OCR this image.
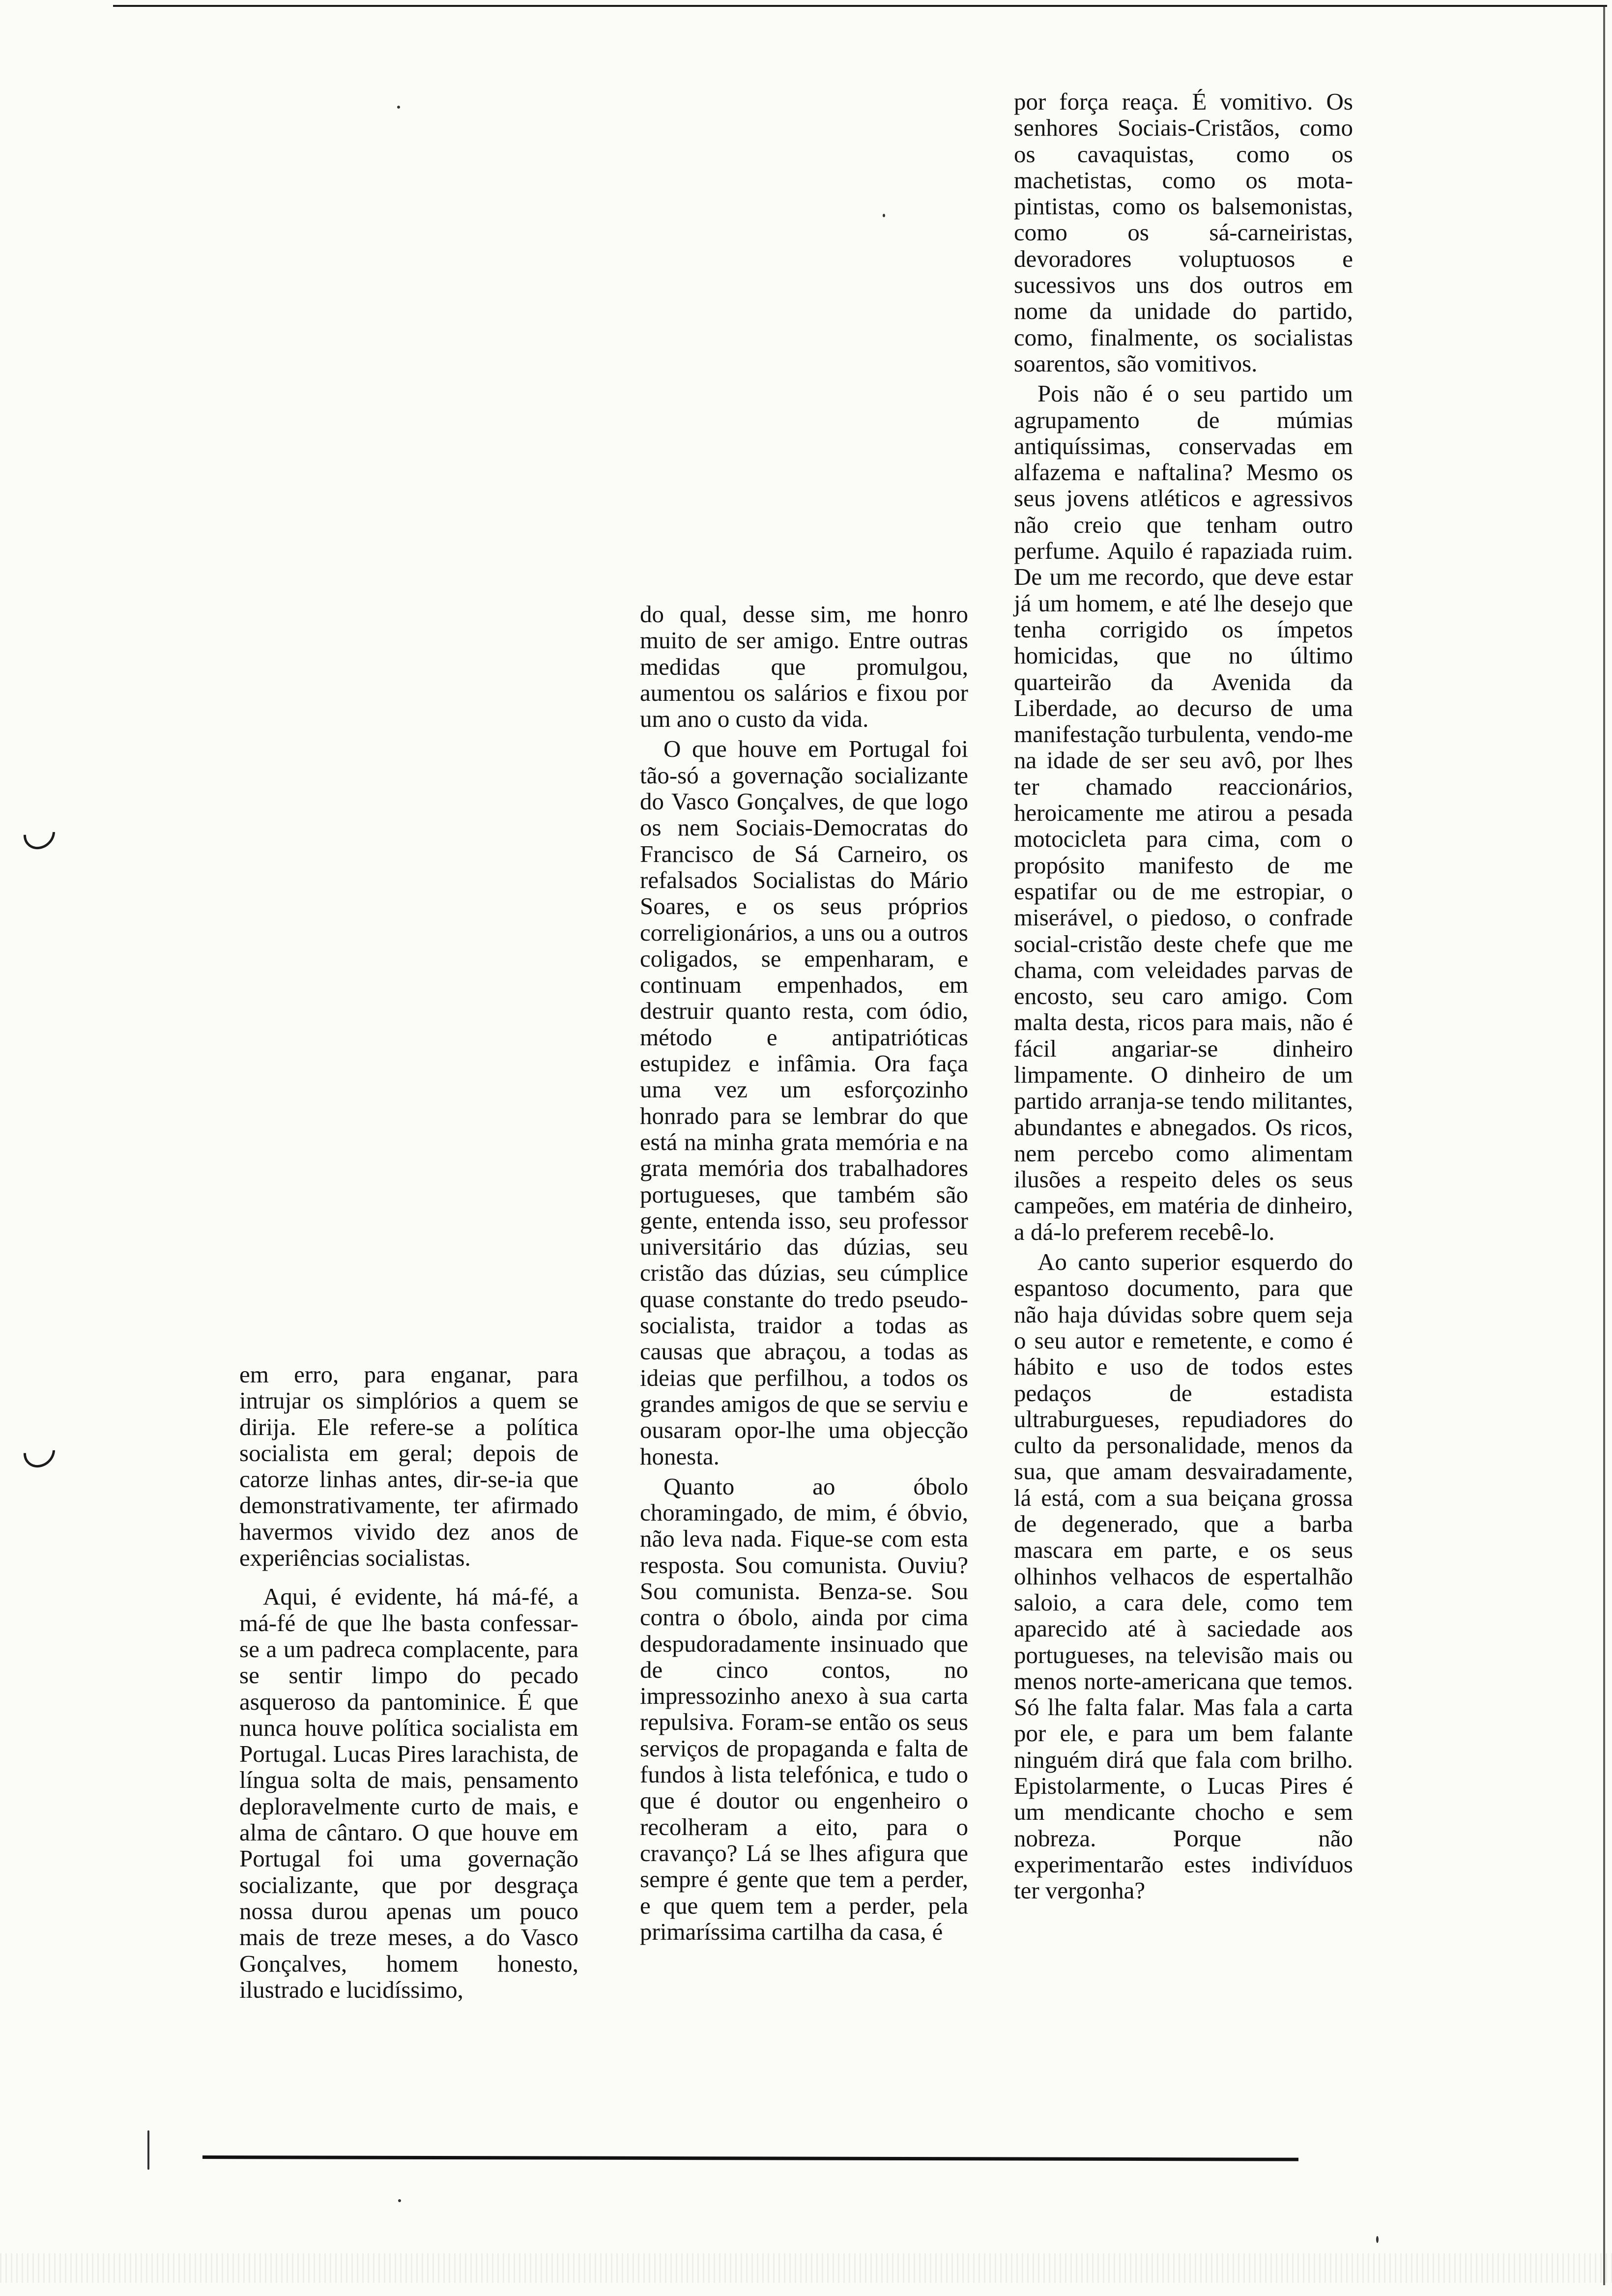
em erro, para enganar, para intrujar os simplórios a quem se dirija. Ele refere-se a política socialista em geral; depois de catorze linhas antes, dir-se-ia que demonstrativamente, ter afirmado havermos vivido dez anos de experiências socialistas.

Aqui, é evidente, há má-fé, a má-fé de que lhe basta confessar-se a um padreca complacente, para se sentir limpo do pecado asqueroso da pantominice. É que nunca houve política socialista em Portugal. Lucas Pires larachista, de língua solta de mais, pensamento deploravelmente curto de mais, e alma de cântaro. O que houve em Portugal foi uma governação socializante, que por desgraça nossa durou apenas um pouco mais de treze meses, a do Vasco Gonçalves, homem honesto, ilustrado e lucidíssimo,

do qual, desse sim, me honro muito de ser amigo. Entre outras medidas que promulgou, aumentou os salários e fixou por um ano o custo da vida.

O que houve em Portugal foi tão-só a governação socializante do Vasco Gonçalves, de que logo os nem Sociais-Democratas do Francisco de Sá Carneiro, os refalsados Socialistas do Mário Soares, e os seus próprios correligionários, a uns ou a outros coligados, se empenharam, e continuam empenhados, em destruir quanto resta, com ódio, método e antipatrióticas estupidez e infâmia. Ora faça uma vez um esforçozinho honrado para se lembrar do que está na minha grata memória e na grata memória dos trabalhadores portugueses, que também são gente, entenda isso, seu professor universitário das dúzias, seu cristão das dúzias, seu cúmplice quase constante do tredo pseudo-socialista, traidor a todas as causas que abraçou, a todas as ideias que perfilhou, a todos os grandes amigos de que se serviu e ousaram opor-lhe uma objecção honesta.

Quanto ao óbolo choramingado, de mim, é óbvio, não leva nada. Fique-se com esta resposta. Sou comunista. Ouviu? Sou comunista. Benza-se. Sou contra o óbolo, ainda por cima despudoradamente insinuado que de cinco contos, no impressozinho anexo à sua carta repulsiva. Foram-se então os seus serviços de propaganda e falta de fundos à lista telefónica, e tudo o que é doutor ou engenheiro o recolheram a eito, para o cravanço? Lá se lhes afigura que sempre é gente que tem a perder, e que quem tem a perder, pela primaríssima cartilha da casa, é

por força reaça. É vomitivo. Os senhores Sociais-Cristãos, como os cavaquistas, como os machetistas, como os mota-pintistas, como os balsemonistas, como os sá-carneiristas, devoradores voluptuosos e sucessivos uns dos outros em nome da unidade do partido, como, finalmente, os socialistas soarentos, são vomitivos.

Pois não é o seu partido um agrupamento de múmias antiquíssimas, conservadas em alfazema e naftalina? Mesmo os seus jovens atléticos e agressivos não creio que tenham outro perfume. Aquilo é rapaziada ruim. De um me recordo, que deve estar já um homem, e até lhe desejo que tenha corrigido os ímpetos homicidas, que no último quarteirão da Avenida da Liberdade, ao decurso de uma manifestação turbulenta, vendo-me na idade de ser seu avô, por lhes ter chamado reaccionários, heroicamente me atirou a pesada motocicleta para cima, com o propósito manifesto de me espatifar ou de me estropiar, o miserável, o piedoso, o confrade social-cristão deste chefe que me chama, com veleidades parvas de encosto, seu caro amigo. Com malta desta, ricos para mais, não é fácil angariar-se dinheiro limpamente. O dinheiro de um partido arranja-se tendo militantes, abundantes e abnegados. Os ricos, nem percebo como alimentam ilusões a respeito deles os seus campeões, em matéria de dinheiro, a dá-lo preferem recebê-lo.

Ao canto superior esquerdo do espantoso documento, para que não haja dúvidas sobre quem seja o seu autor e remetente, e como é hábito e uso de todos estes pedaços de estadista ultraburgueses, repudiadores do culto da personalidade, menos da sua, que amam desvairadamente, lá está, com a sua beiçana grossa de degenerado, que a barba mascara em parte, e os seus olhinhos velhacos de espertalhão saloio, a cara dele, como tem aparecido até à saciedade aos portugueses, na televisão mais ou menos norte-americana que temos. Só lhe falta falar. Mas fala a carta por ele, e para um bem falante ninguém dirá que fala com brilho. Epistolarmente, o Lucas Pires é um mendicante chocho e sem nobreza. Porque não experimentarão estes indivíduos ter vergonha?
